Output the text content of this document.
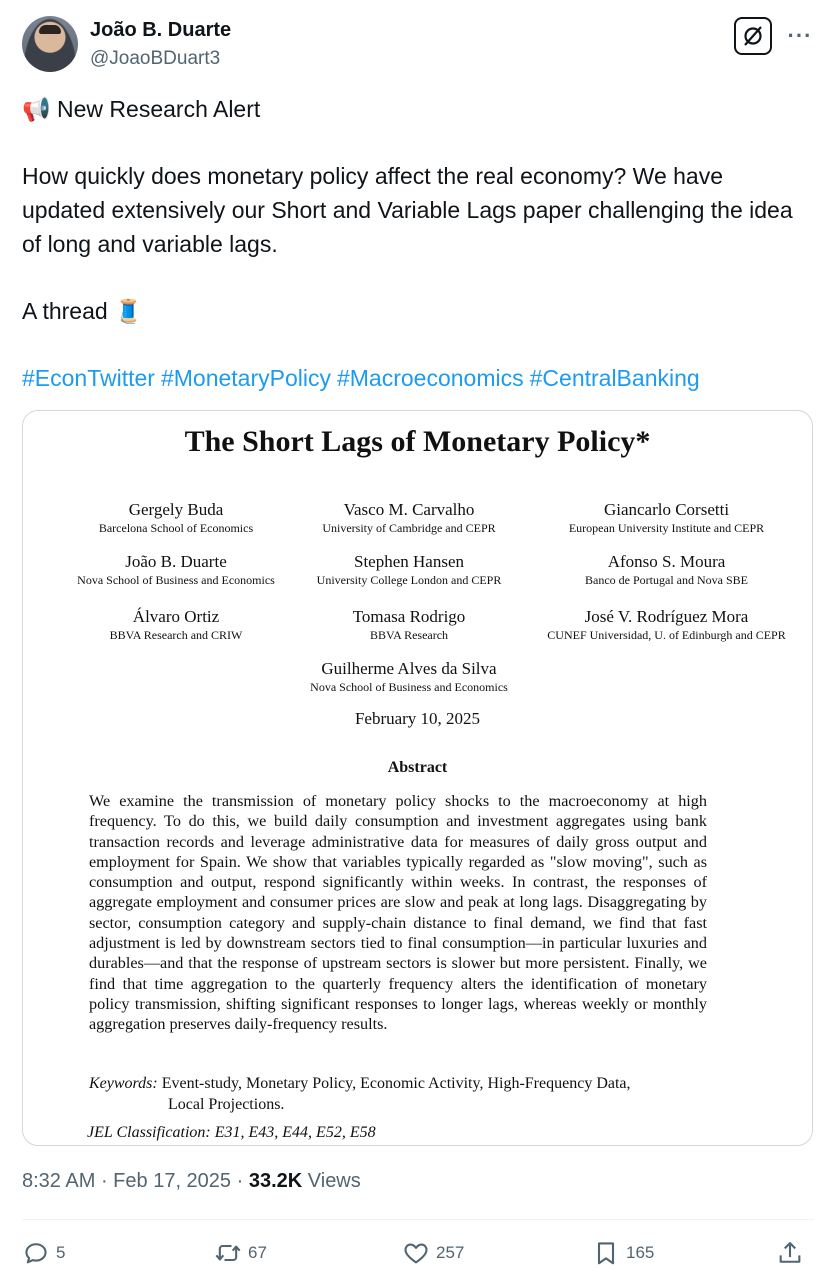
João B. Duarte
@JoaoBDuart3
···

📢 New Research Alert

How quickly does monetary policy affect the real economy? We have updated extensively our Short and Variable Lags paper challenging the idea of long and variable lags.

A thread 🧵

#EconTwitter #MonetaryPolicy #Macroeconomics #CentralBanking

The Short Lags of Monetary Policy*
Gergely Buda
Barcelona School of Economics
Vasco M. Carvalho
University of Cambridge and CEPR
Giancarlo Corsetti
European University Institute and CEPR
João B. Duarte
Nova School of Business and Economics
Stephen Hansen
University College London and CEPR
Afonso S. Moura
Banco de Portugal and Nova SBE
Álvaro Ortiz
BBVA Research and CRIW
Tomasa Rodrigo
BBVA Research
José V. Rodríguez Mora
CUNEF Universidad, U. of Edinburgh and CEPR
Guilherme Alves da Silva
Nova School of Business and Economics
February 10, 2025
Abstract
We examine the transmission of monetary policy shocks to the macroeconomy at high frequency. To do this, we build daily consumption and investment aggregates using bank transaction records and leverage administrative data for measures of daily gross output and employment for Spain. We show that variables typically regarded as "slow moving", such as consumption and output, respond significantly within weeks. In contrast, the responses of aggregate employment and consumer prices are slow and peak at long lags. Disaggregating by sector, consumption category and supply-chain distance to final demand, we find that fast adjustment is led by downstream sectors tied to final consumption—in particular luxuries and durables—and that the response of upstream sectors is slower but more persistent. Finally, we find that time aggregation to the quarterly frequency alters the identification of monetary policy transmission, shifting significant responses to longer lags, whereas weekly or monthly aggregation preserves daily-frequency results.
Keywords: Event-study, Monetary Policy, Economic Activity, High-Frequency Data,
Local Projections.
JEL Classification: E31, E43, E44, E52, E58
8:32 AM · Feb 17, 2025 · 33.2K Views
5	67	257	165
